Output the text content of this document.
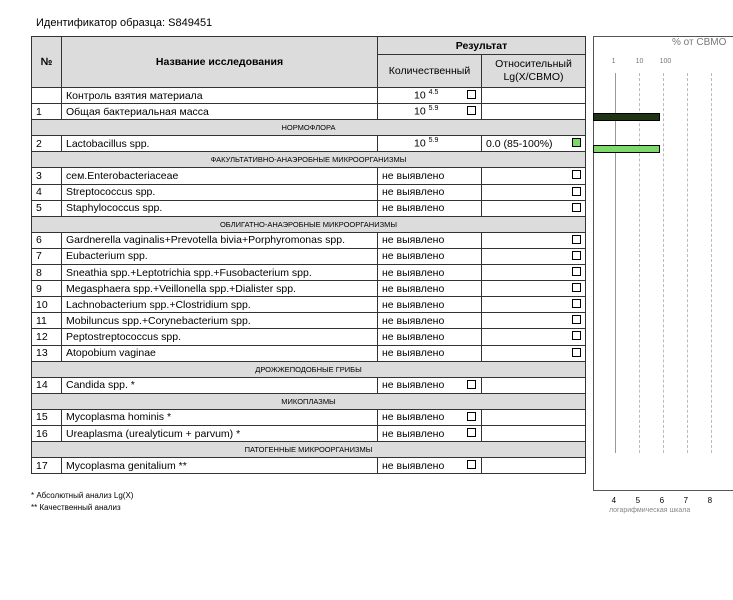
Идентификатор образца: S849451
№	Название исследования	Результат	
		Количественный	Относительный Lg(X/СВМО)
	Контроль взятия материала	10 $^{4.5}$

1	Общая бактериальная масса	10 $^{5.9}$

НОРМОФЛОРА			
2	Lactobacillus spp.	10 $^{5.9}$	0.0 (85-100%)

ФАКУЛЬТАТИВНО-АНАЭРОБНЫЕ МИКРООРГАНИЗМЫ			
3	сем.Enterobacteriaceae	не выявлено	

4	Streptococcus spp.	не выявлено	

5	Staphylococcus spp.	не выявлено	

ОБЛИГАТНО-АНАЭРОБНЫЕ МИКРООРГАНИЗМЫ			
6	Gardnerella vaginalis+Prevotella bivia+Porphyromonas spp.	не выявлено	

7	Eubacterium spp.	не выявлено	

8	Sneathia spp.+Leptotrichia spp.+Fusobacterium spp.	не выявлено	

9	Megasphaera spp.+Veillonella spp.+Dialister spp.	не выявлено	

10	Lachnobacterium spp.+Clostridium spp.	не выявлено	

11	Mobiluncus spp.+Corynebacterium spp.	не выявлено	

12	Peptostreptococcus spp.	не выявлено	

13	Atopobium vaginae	не выявлено	

ДРОЖЖЕПОДОБНЫЕ ГРИБЫ			
14	Candida spp. *	не выявлено

МИКОПЛАЗМЫ			
15	Mycoplasma hominis *	не выявлено

16	Ureaplasma (urealyticum + parvum) *	не выявлено

ПАТОГЕННЫЕ МИКРООРГАНИЗМЫ			
17	Mycoplasma genitalium **	не выявлено

* Абсолютный анализ Lg(X)
** Качественный анализ
% от СВМО
4 5 6 7 8
1	10 100
логарифмическая шкала
